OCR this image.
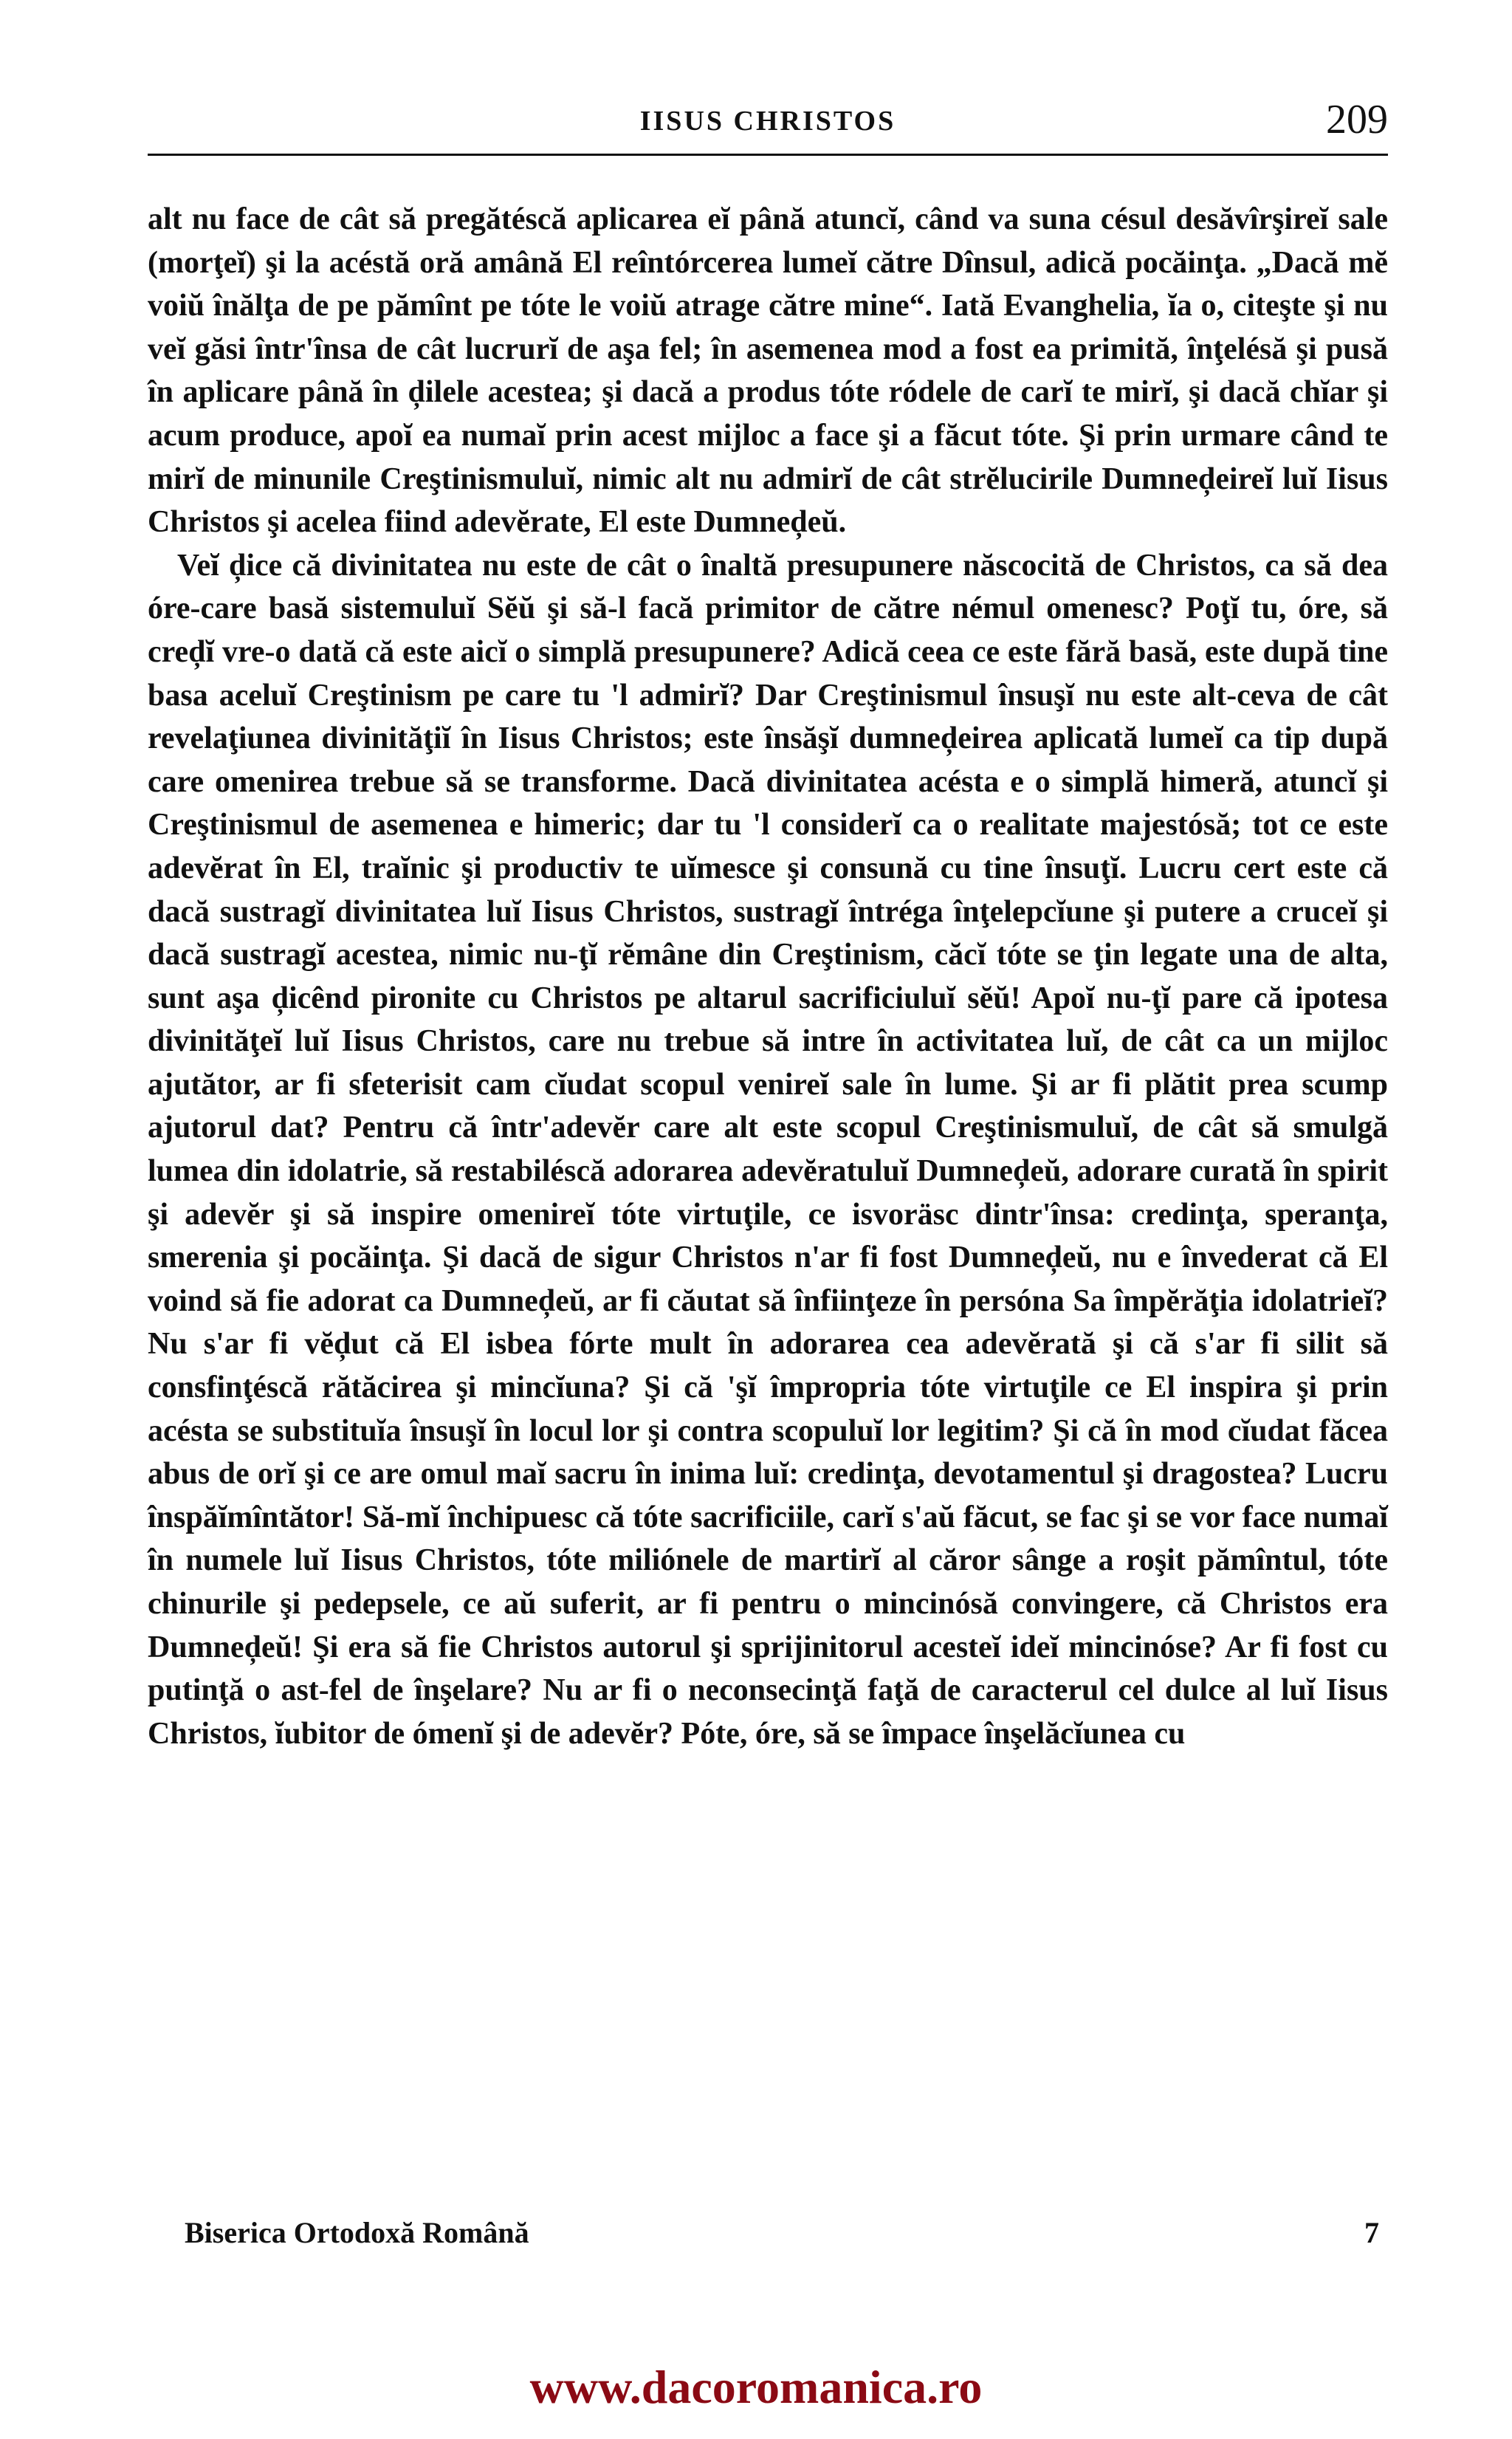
IISUS CHRISTOS	209

alt nu face de cât să pregătéscă aplicarea eĭ până atuncĭ, când va suna césul desăvîrşireĭ sale (morţeĭ) şi la acéstă oră amână El reîntórcerea lumeĭ către Dînsul, adică pocăinţa. „Dacă mĕ voiŭ înălţa de pe pămînt pe tóte le voiŭ atrage către mine“. Iată Evanghelia, ĭa o, citeşte şi nu veĭ găsi într'însa de cât lucrurĭ de aşa fel; în asemenea mod a fost ea primită, înţelésă şi pusă în aplicare până în ḑilele acestea; şi dacă a produs tóte ródele de carĭ te mirĭ, şi dacă chĭar şi acum produce, apoĭ ea numaĭ prin acest mijloc a face şi a făcut tóte. Şi prin urmare când te mirĭ de minunile Creştinismuluĭ, nimic alt nu admirĭ de cât strĕlucirile Dumneḑeireĭ luĭ Iisus Christos şi acelea fiind adevĕrate, El este Dumneḑeŭ.

Veĭ ḑice că divinitatea nu este de cât o înaltă presupunere născocită de Christos, ca să dea óre-care basă sistemuluĭ Sĕŭ şi să-l facă primitor de către némul omenesc? Poţĭ tu, óre, să creḑĭ vre-o dată că este aicĭ o simplă presupunere? Adică ceea ce este fără basă, este după tine basa aceluĭ Creştinism pe care tu 'l admirĭ? Dar Creştinismul însuşĭ nu este alt-ceva de cât revelaţiunea divinităţiĭ în Iisus Christos; este însăşĭ dumneḑeirea aplicată lumeĭ ca tip după care omenirea trebue să se transforme. Dacă divinitatea acésta e o simplă himeră, atuncĭ şi Creştinismul de asemenea e himeric; dar tu 'l considerĭ ca o realitate majestósă; tot ce este adevĕrat în El, traĭnic şi productiv te uĭmesce şi consună cu tine însuţĭ. Lucru cert este că dacă sustragĭ divinitatea luĭ Iisus Christos, sustragĭ întrégа înţelepcĭune şi putere a cruceĭ şi dacă sustragĭ acestea, nimic nu-ţĭ rĕmâne din Creştinism, căcĭ tóte se ţin legate una de alta, sunt aşa ḑicênd pironite cu Christos pe altarul sacrificiuluĭ sĕŭ! Apoĭ nu-ţĭ pare că ipotesa divinităţeĭ luĭ Iisus Christos, care nu trebue să intre în activitatea luĭ, de cât ca un mijloc ajutător, ar fi sfeterisit cam cĭudat scopul venireĭ sale în lume. Şi ar fi plătit prea scump ajutorul dat? Pentru că într'adevĕr care alt este scopul Creştinismuluĭ, de cât să smulgă lumea din idolatrie, să restabiléscă adorarea adevĕratuluĭ Dumneḑeŭ, adorare curată în spirit şi adevĕr şi să inspire omenireĭ tóte virtuţile, ce isvoräsc dintr'însa: credinţa, speranţa, smerenia şi pocăinţa. Şi dacă de sigur Christos n'ar fi fost Dumneḑeŭ, nu e învederat că El voind să fie adorat ca Dumneḑeŭ, ar fi căutat să înfiinţeze în persóna Sa împĕrăţia idolatrieĭ? Nu s'ar fi vĕḑut că El isbea fórte mult în adorarea cea adevĕrată şi că s'ar fi silit să consfinţéscă rătăcirea şi mincĭuna? Şi că 'şĭ împropria tóte virtuţile ce El inspira şi prin acésta se substituĭa însuşĭ în locul lor şi contra scopuluĭ lor legitim? Şi că în mod cĭudat făcea abus de orĭ şi ce are omul maĭ sacru în inima luĭ: credinţa, devotamentul şi dragostea? Lucru înspăĭmîntător! Să-mĭ închipuesc că tóte sacrificiile, carĭ s'aŭ făcut, se fac şi se vor face numaĭ în numele luĭ Iisus Christos, tóte miliónele de martirĭ al căror sânge a roşit pămîntul, tóte chinurile şi pedepsele, ce aŭ suferit, ar fi pentru o mincinósă convingere, că Christos era Dumneḑeŭ! Şi era să fie Christos autorul şi sprijinitorul acesteĭ ideĭ mincinóse? Ar fi fost cu putinţă o ast-fel de înşelare? Nu ar fi o neconsecinţă faţă de caracterul cel dulce al luĭ Iisus Christos, ĭubitor de ómenĭ şi de adevĕr? Póte, óre, să se împace înşelăcĭunea cu

Biserica Ortodoxă Română	7
www.dacoromanica.ro
